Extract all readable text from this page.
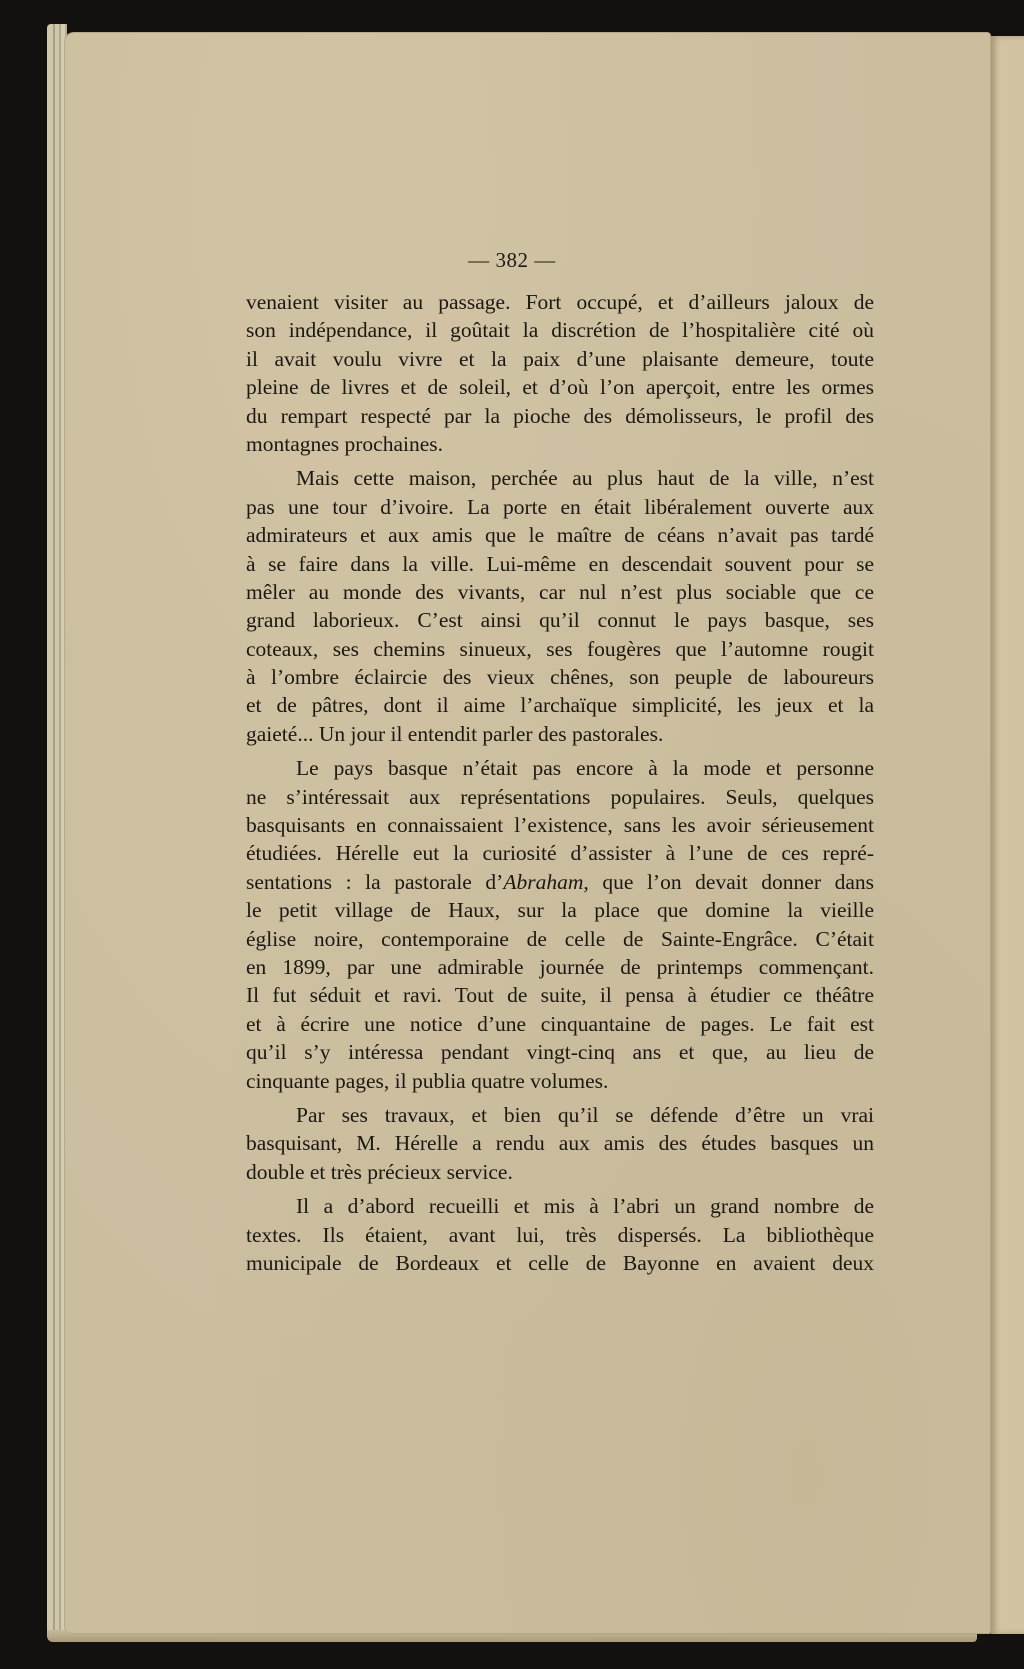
— 382 —
venaient visiter au passage. Fort occupé, et d’ailleurs jaloux de
son indépendance, il goûtait la discrétion de l’hospitalière cité où
il avait voulu vivre et la paix d’une plaisante demeure, toute
pleine de livres et de soleil, et d’où l’on aperçoit, entre les ormes
du rempart respecté par la pioche des démolisseurs, le profil des
montagnes prochaines.
Mais cette maison, perchée au plus haut de la ville, n’est
pas une tour d’ivoire. La porte en était libéralement ouverte aux
admirateurs et aux amis que le maître de céans n’avait pas tardé
à se faire dans la ville. Lui-même en descendait souvent pour se
mêler au monde des vivants, car nul n’est plus sociable que ce
grand laborieux. C’est ainsi qu’il connut le pays basque, ses
coteaux, ses chemins sinueux, ses fougères que l’automne rougit
à l’ombre éclaircie des vieux chênes, son peuple de laboureurs
et de pâtres, dont il aime l’archaïque simplicité, les jeux et la
gaieté... Un jour il entendit parler des pastorales.
Le pays basque n’était pas encore à la mode et personne
ne s’intéressait aux représentations populaires. Seuls, quelques
basquisants en connaissaient l’existence, sans les avoir sérieusement
étudiées. Hérelle eut la curiosité d’assister à l’une de ces repré-
sentations : la pastorale d’Abraham, que l’on devait donner dans
le petit village de Haux, sur la place que domine la vieille
église noire, contemporaine de celle de Sainte-Engrâce. C’était
en 1899, par une admirable journée de printemps commençant.
Il fut séduit et ravi. Tout de suite, il pensa à étudier ce théâtre
et à écrire une notice d’une cinquantaine de pages. Le fait est
qu’il s’y intéressa pendant vingt-cinq ans et que, au lieu de
cinquante pages, il publia quatre volumes.
Par ses travaux, et bien qu’il se défende d’être un vrai
basquisant, M. Hérelle a rendu aux amis des études basques un
double et très précieux service.
Il a d’abord recueilli et mis à l’abri un grand nombre de
textes. Ils étaient, avant lui, très dispersés. La bibliothèque
municipale de Bordeaux et celle de Bayonne en avaient deux
